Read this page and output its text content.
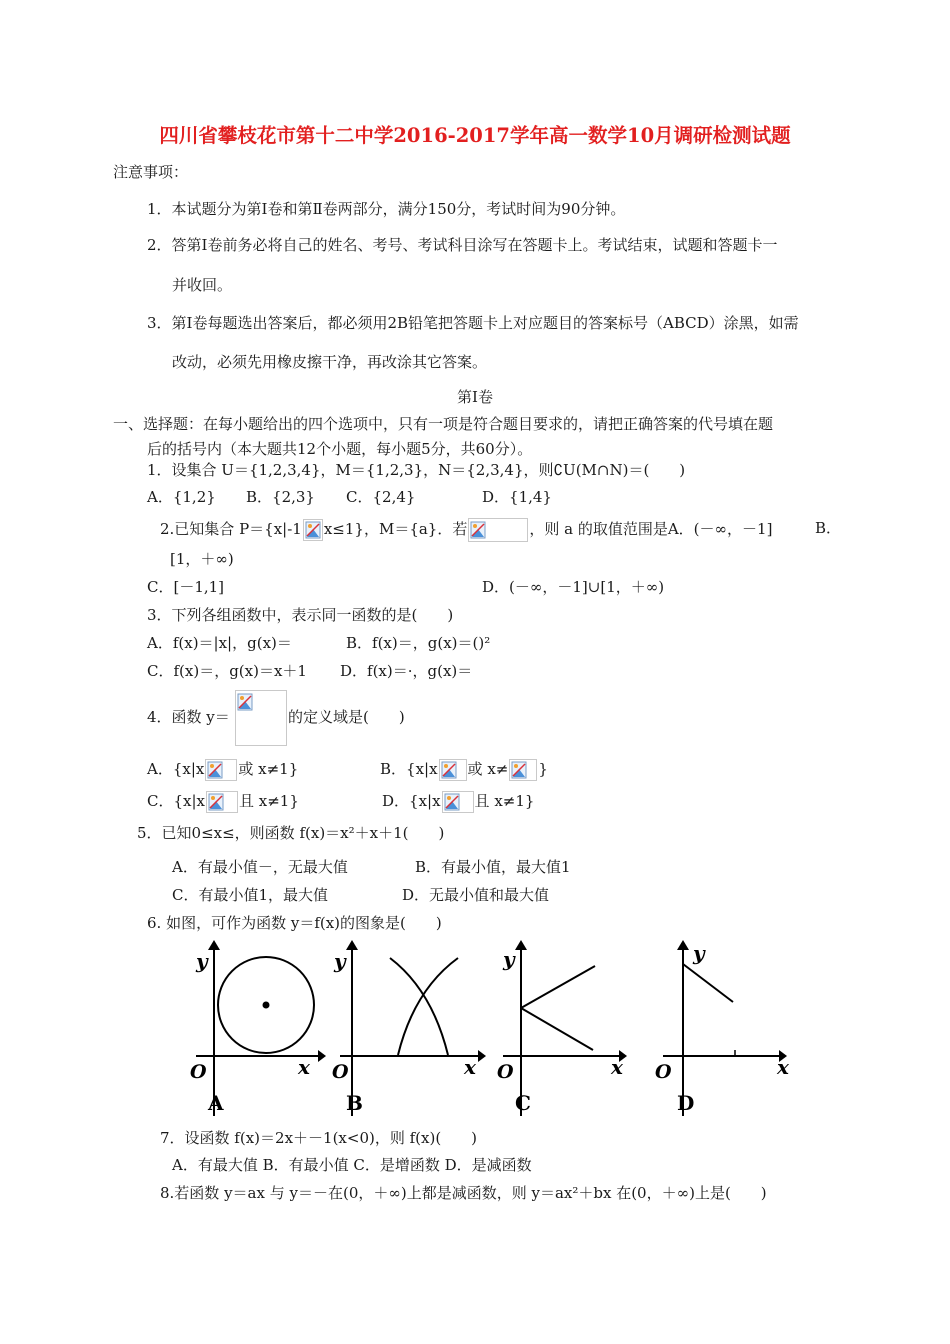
四川省攀枝花市第十二中学2016-2017学年高一数学10月调研检测试题
注意事项：
1．本试题分为第Ⅰ卷和第Ⅱ卷两部分，满分150分，考试时间为90分钟。
2．答第Ⅰ卷前务必将自己的姓名、考号、考试科目涂写在答题卡上。考试结束，试题和答题卡一
并收回。
3．第Ⅰ卷每题选出答案后，都必须用2B铅笔把答题卡上对应题目的答案标号（ABCD）涂黑，如需
改动，必须先用橡皮擦干净，再改涂其它答案。
第Ⅰ卷
一、选择题：在每小题给出的四个选项中，只有一项是符合题目要求的，请把正确答案的代号填在题
后的括号内（本大题共12个小题，每小题5分，共60分）。
1．设集合 U＝{1,2,3,4}，M＝{1,2,3}，N＝{2,3,4}，则∁U(M∩N)＝(　　)
A．{1,2} B．{2,3} C．{2,4}	D．{1,4}
2.已知集合 P＝{x|-1 x≤1}，M＝{a}．若	，则 a 的取值范围是A．(－∞，－1]	B．
[1，＋∞)
C．[－1,1]	D．(－∞，－1]∪[1，＋∞)
3．下列各组函数中，表示同一函数的是(　　)
A．f(x)＝|x|，g(x)＝	B．f(x)＝，g(x)＝()²
C．f(x)＝，g(x)＝x＋1 D．f(x)＝·，g(x)＝
4．函数 y＝	的定义域是(　　)
A．{x|x 或 x≠1}	B．{x|x 或 x≠ }
C．{x|x 且 x≠1}	D．{x|x 且 x≠1}
5．已知0≤x≤，则函数 f(x)＝x²＋x＋1(　　)
A．有最小值－，无最大值	B．有最小值，最大值1
C．有最小值1，最大值	D．无最小值和最大值
6. 如图，可作为函数 y＝f(x)的图象是(　　)
y
O	x
A
y
O	x
B
y
O	x
C
y
O	x
D
7．设函数 f(x)＝2x＋－1(x<0)，则 f(x)(　　)
A．有最大值 B．有最小值 C．是增函数 D．是减函数
8.若函数 y＝ax 与 y＝－在(0，＋∞)上都是减函数，则 y＝ax²＋bx 在(0，＋∞)上是(　　)
